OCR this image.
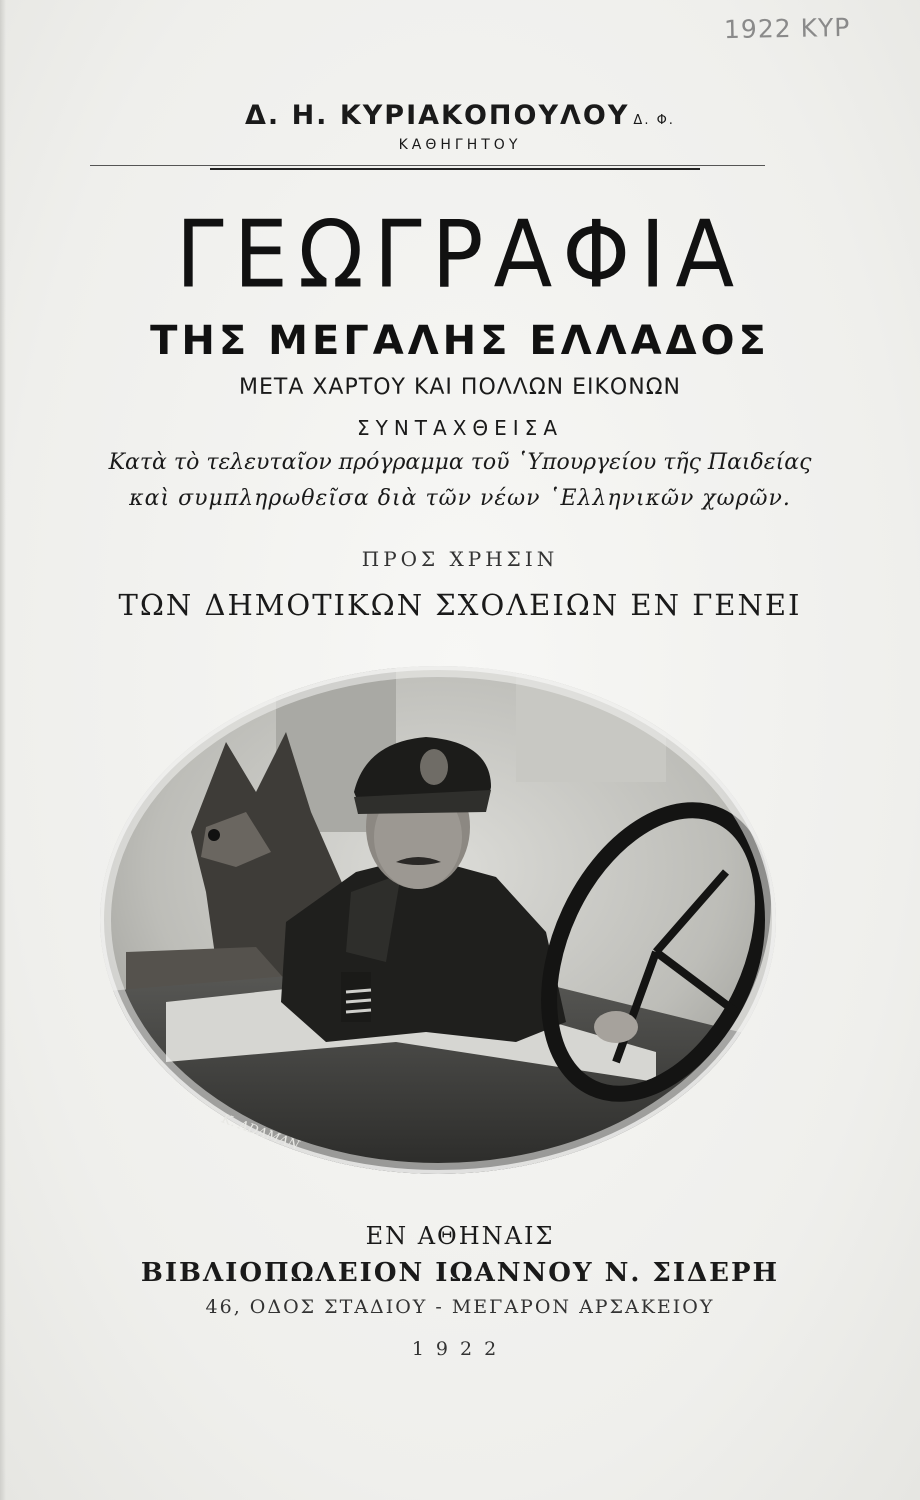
1922 ΚΥΡ
Δ. Η. ΚΥΡΙΑΚΟΠΟΥΛΟΥ Δ. Φ.
ΚΑΘΗΓΗΤΟΥ
ΓΕΩΓΡΑΦΙΑ
ΤΗΣ ΜΕΓΑΛΗΣ ΕΛΛΑΔΟΣ
ΜΕΤΑ ΧΑΡΤΟΥ ΚΑΙ ΠΟΛΛΩΝ ΕΙΚΟΝΩΝ
ΣΥΝΤΑΧΘΕΙΣΑ
Κατὰ τὸ τελευταῖον πρόγραμμα τοῦ ῾Υπουργείου τῆς Παιδείας
καὶ συμπληρωθεῖσα διὰ τῶν νέων ῾Ελληνικῶν χωρῶν.
ΠΡΟΣ ΧΡΗΣΙΝ
ΤΩΝ ΔΗΜΟΤΙΚΩΝ ΣΧΟΛΕΙΩΝ ΕΝ ΓΕΝΕΙ
K. ADAMAN
ΕΝ ΑΘΗΝΑΙΣ
ΒΙΒΛΙΟΠΩΛΕΙΟΝ ΙΩΑΝΝΟΥ Ν. ΣΙΔΕΡΗ
46, ΟΔΟΣ ΣΤΑΔΙΟΥ - ΜΕΓΑΡΟΝ ΑΡΣΑΚΕΙΟΥ
1922
